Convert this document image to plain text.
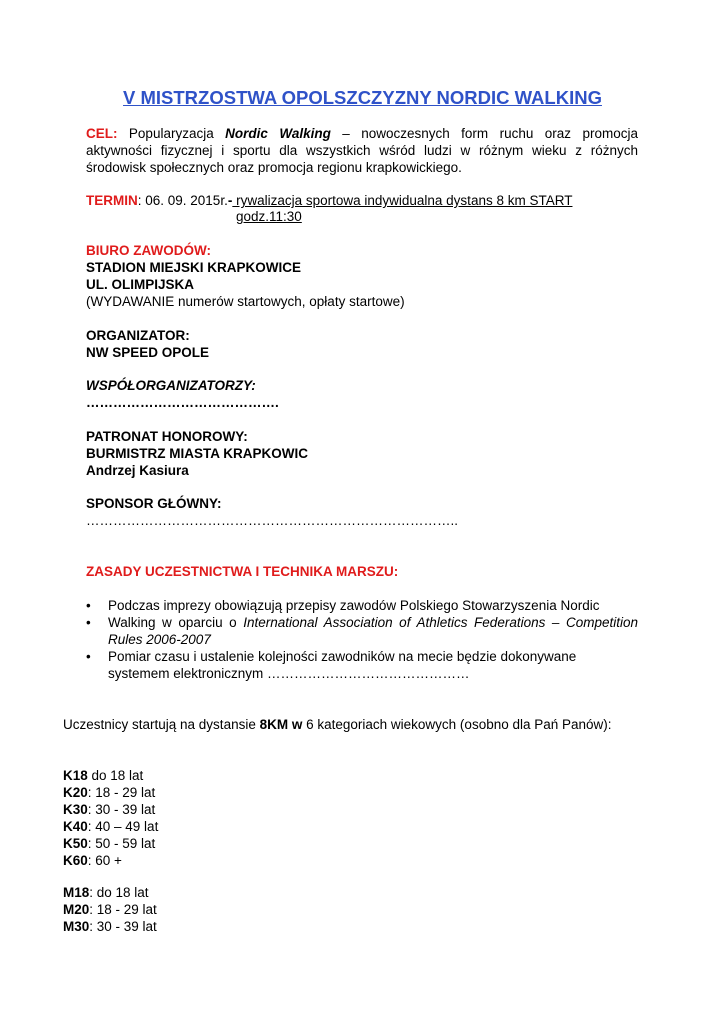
V MISTRZOSTWA OPOLSZCZYZNY NORDIC WALKING
CEL: Popularyzacja Nordic Walking – nowoczesnych form ruchu oraz promocja aktywności fizycznej i sportu dla wszystkich wśród ludzi w różnym wieku z różnych środowisk społecznych oraz promocja regionu krapkowickiego.
TERMIN: 06. 09. 2015r.- rywalizacja sportowa indywidualna dystans 8 km START
godz.11:30
BIURO ZAWODÓW:
STADION MIEJSKI KRAPKOWICE
UL. OLIMPIJSKA
(WYDAWANIE numerów startowych, opłaty startowe)
ORGANIZATOR:
NW SPEED OPOLE
WSPÓŁORGANIZATORZY:
…………………………………….
PATRONAT HONOROWY:
BURMISTRZ MIASTA KRAPKOWIC
Andrzej Kasiura
SPONSOR GŁÓWNY:
………………………………………………………………………..
ZASADY UCZESTNICTWA I TECHNIKA MARSZU:
• Podczas imprezy obowiązują przepisy zawodów Polskiego Stowarzyszenia Nordic
• Walking w oparciu o International Association of Athletics Federations – Competition Rules 2006-2007
• Pomiar czasu i ustalenie kolejności zawodników na mecie będzie dokonywane systemem elektronicznym ………………………………………
Uczestnicy startują na dystansie 8KM w 6 kategoriach wiekowych (osobno dla Pań Panów):
K18 do 18 lat
K20: 18 - 29 lat
K30: 30 - 39 lat
K40: 40 – 49 lat
K50: 50 - 59 lat
K60: 60 +
M18: do 18 lat
M20: 18 - 29 lat
M30: 30 - 39 lat
